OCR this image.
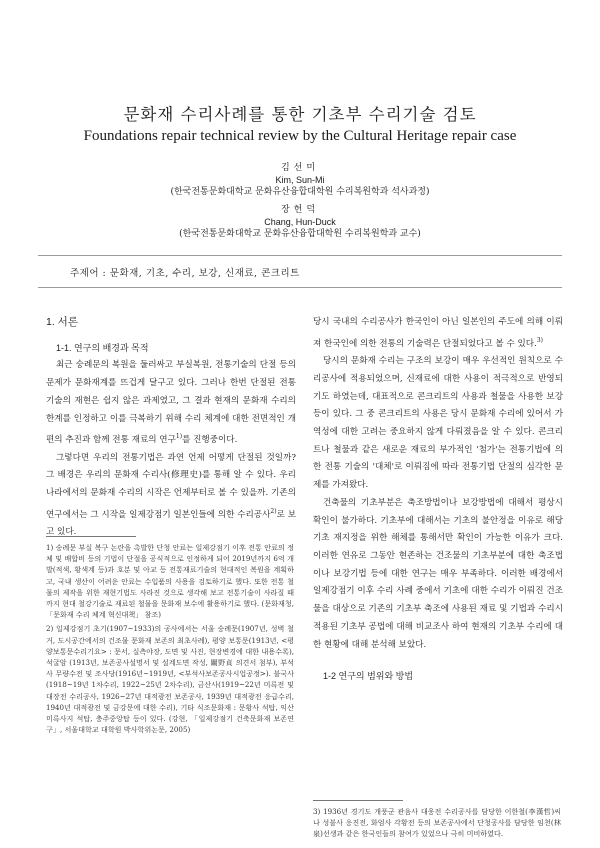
문화재 수리사례를 통한 기초부 수리기술 검토
Foundations repair technical review by the Cultural Heritage repair case
김선미
Kim, Sun-Mi
(한국전통문화대학교 문화유산융합대학원 수리복원학과 석사과정)
장헌덕
Chang, Hun-Duck
(한국전통문화대학교 문화유산융합대학원 수리복원학과 교수)
주제어 : 문화재, 기초, 수리, 보강, 신재료, 콘크리트

1. 서론

1-1. 연구의 배경과 목적

최근 숭례문의 복원을 둘러싸고 부실복원, 전통기술의 단절 등의 문제가 문화재계를 뜨겁게 달구고 있다. 그러나 한번 단절된 전통 기술의 재현은 쉽지 않은 과제였고, 그 결과 현재의 문화재 수리의 한계를 인정하고 이를 극복하기 위해 수리 체계에 대한 전면적인 개편의 추진과 함께 전통 재료의 연구$^{1)}$를 진행중이다.

그렇다면 우리의 전통기법은 과연 언제 어떻게 단절된 것일까? 그 배경은 우리의 문화재 수리사(修理史)를 통해 알 수 있다. 우리나라에서의 문화재 수리의 시작은 언제부터로 볼 수 있을까. 기존의 연구에서는 그 시작을 일제강점기 일본인들에 의한 수리공사$^{2)}$로 보고 있다.

1) 숭례문 부실 복구 논란을 촉발한 단청 안료는 일제강점기 이후 전통 안료의 정체 및 배합비 등의 기법이 단절을 공식적으로 인정하게 되어 2019년까지 6억 개발(적색, 황색계 등)과 호분 및 아교 등 전통재료기술의 현대적인 복원을 계획하고, 국내 생산이 어려운 안료는 수입품의 사용을 검토하기로 했다. 또한 전통 철물의 제작을 위한 재현기법도 사라진 것으로 생각해 보고 전통기술이 사라질 때까지 현대 철강기술로 재료된 철물을 문화재 보수에 활용하기로 했다. (문화재청, 「문화재 수리 체계 혁신대책」 참조)

2) 일제강점기 초기(1907~1933)의 공사에서는 서울 숭례문(1907년, 성벽 철거, 도시공간에서의 건조물 문화재 보존의 최초사례), 평양 보통문(1913년, <평양보통문수리기요> : 문서, 실측야장, 도면 및 사진, 현장변경에 대한 내용수록), 석굴암 (1913년, 보존공사설명서 및 설계도면 작성, 關野貞 의견서 첨부), 부석사 무량수전 및 조사당(1916년~1919년, <부석사보존공사시업공정>). 불국사(1918~19년 1차수리, 1922~25년 2차수리), 금산사(1919~22년 미륵전 및 대장전 수리공사, 1926~27년 대적광전 보존공사, 1939년 대적광전 응급수리, 1940년 대적광전 및 금강문에 대한 수리), 기타 식조문화재 : 문황사 석탑, 익산 미륵사지 석탑, 충주중앙탑 등이 있다. (강현, 「일제강점기 건축문화재 보존연구」, 서울대학교 대학원 박사학위논문, 2005)

당시 국내의 수리공사가 한국인이 아닌 일본인의 주도에 의해 이뤄져 한국인에 의한 전통의 기술력은 단절되었다고 볼 수 있다.$^{3)}$

당시의 문화재 수리는 구조의 보강이 매우 우선적인 원칙으로 수리공사에 적용되었으며, 신재료에 대한 사용이 적극적으로 반영되기도 하였는데, 대표적으로 콘크리트의 사용과 철물을 사용한 보강 등이 있다. 그 중 콘크리트의 사용은 당시 문화재 수리에 있어서 가역성에 대한 고려는 중요하지 않게 다뤄졌음을 알 수 있다. 콘크리트나 철물과 같은 새로운 재료의 부가적인 '첨가'는 전통기법에 의한 전통 기술의 '대체'로 이뤄짐에 따라 전통기법 단절의 심각한 문제를 가져왔다.

건축물의 기초부분은 축조방법이나 보강방법에 대해서 평상시 확인이 불가하다. 기초부에 대해서는 기초의 불안정을 이유로 해당 기초 재지정을 위한 해체를 통해서만 확인이 가능한 이유가 크다. 이러한 연유로 그동안 현존하는 건조물의 기초부분에 대한 축조법이나 보강기법 등에 대한 연구는 매우 부족하다. 이러한 배경에서 일제강점기 이후 수리 사례 중에서 기초에 대한 수리가 이뤄진 건조물을 대상으로 기존의 기초부 축조에 사용된 재료 및 기법과 수리시 적용된 기초부 공법에 대해 비교조사 하여 현재의 기초부 수리에 대한 현황에 대해 분석해 보았다.

1-2 연구의 범위와 방법

3) 1936년 경기도 개풍군 관음사 대웅전 수리공사를 담당한 이한철(李漢哲)씨나 성불사 응진전, 화엄사 각황전 등의 보존공사에서 단청공사를 담당한 임천(林泉)선생과 같은 한국인들의 참여가 있었으나 극히 미비하였다.
